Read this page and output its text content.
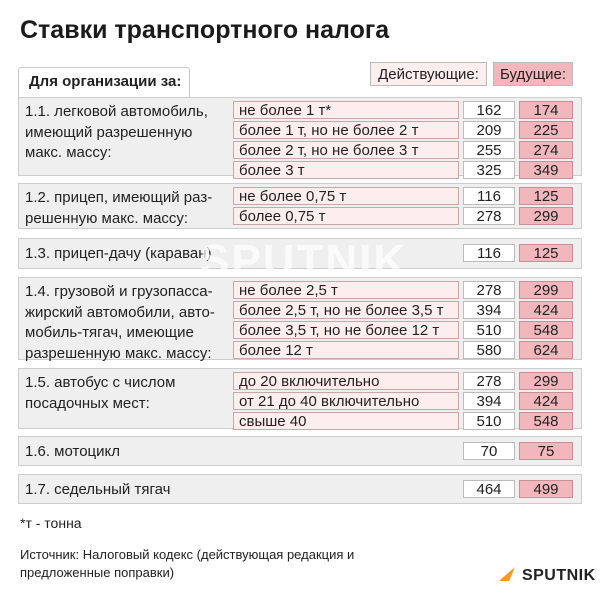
Ставки транспортного налога
Для организации за:	Действующие:	Будущие:
1.1. легковой автомобиль,
имеющий разрешенную
макс. массу:
не более 1 т*	162	174
более 1 т, но не более 2 т	209	225
более 2 т, но не более 3 т	255	274
более 3 т	325	349
1.2. прицеп, имеющий раз-
решенную макс. массу:
не более 0,75 т	116	125
более 0,75 т	278	299
1.3. прицеп-дачу (караван)	116	125
1.4. грузовой и грузопасса-
жирский автомобили, авто-
мобиль-тягач, имеющие
разрешенную макс. массу:
не более 2,5 т	278	299
более 2,5 т, но не более 3,5 т	394	424
более 3,5 т, но не более 12 т	510	548
более 12 т	580	624
1.5. автобус с числом
посадочных мест:
до 20 включительно	278	299
от 21 до 40 включительно	394	424
свыше 40	510	548
1.6. мотоцикл	70	75
1.7. седельный тягач	464	499
SPUTNIK
*т - тонна
Источник: Налоговый кодекс (действующая редакция и предложенные поправки)	SPUTNIK
